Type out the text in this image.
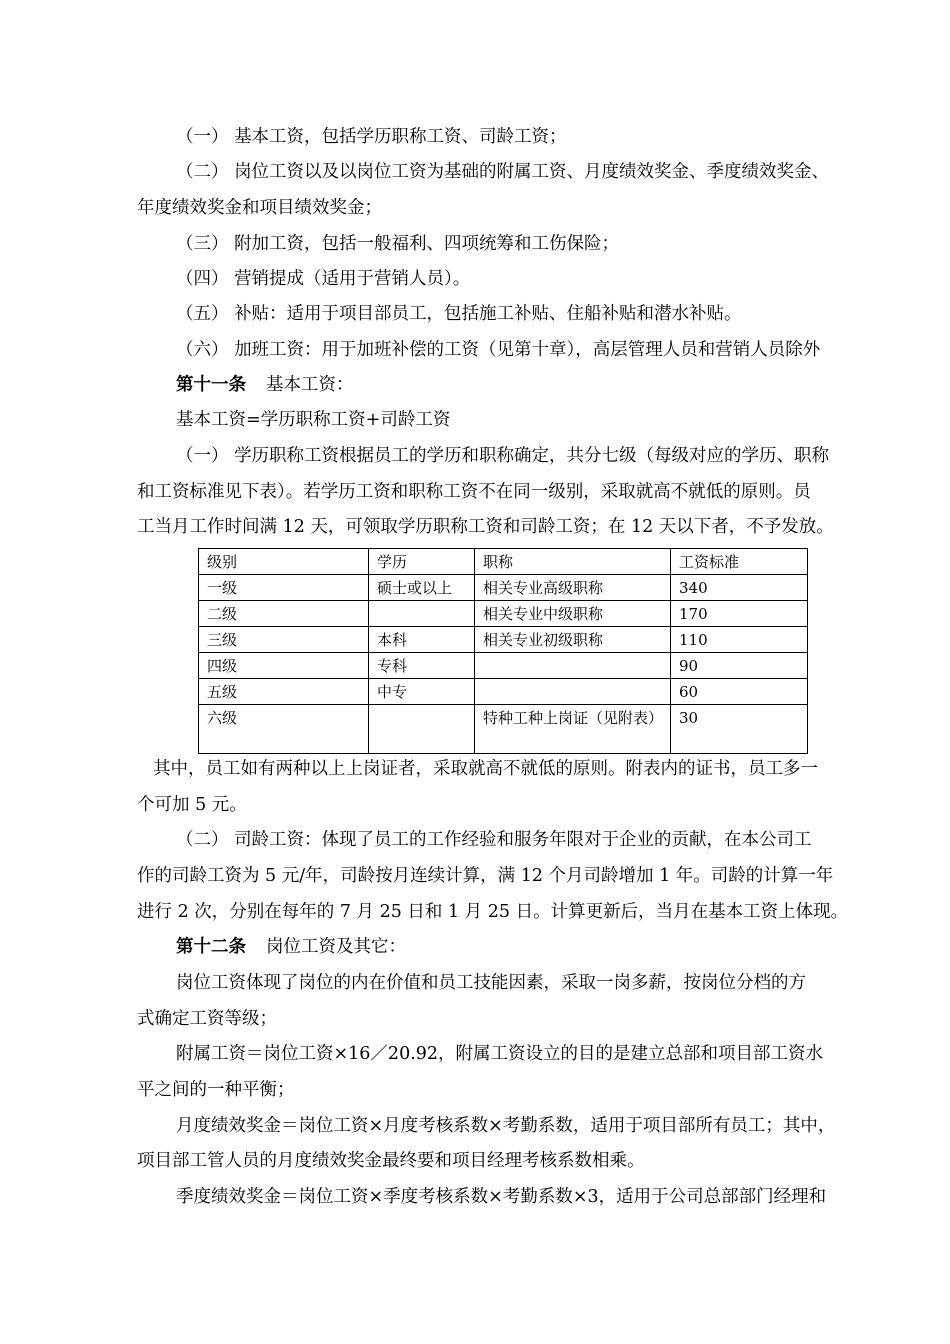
（一） 基本工资，包括学历职称工资、司龄工资；
（二） 岗位工资以及以岗位工资为基础的附属工资、月度绩效奖金、季度绩效奖金、
年度绩效奖金和项目绩效奖金；
（三） 附加工资，包括一般福利、四项统筹和工伤保险；
（四） 营销提成（适用于营销人员）。
（五） 补贴：适用于项目部员工，包括施工补贴、住船补贴和潜水补贴。
（六） 加班工资：用于加班补偿的工资（见第十章），高层管理人员和营销人员除外
第十一条 基本工资：
基本工资=学历职称工资+司龄工资
（一） 学历职称工资根据员工的学历和职称确定，共分七级（每级对应的学历、职称
和工资标准见下表）。若学历工资和职称工资不在同一级别，采取就高不就低的原则。员
工当月工作时间满 12 天，可领取学历职称工资和司龄工资；在 12 天以下者，不予发放。
级别	学历	职称	工资标准
一级	硕士或以上	相关专业高级职称	340
二级		相关专业中级职称	170
三级	本科	相关专业初级职称	110
四级	专科		90
五级	中专		60
六级		特种工种上岗证（见附表）	30
其中，员工如有两种以上上岗证者，采取就高不就低的原则。附表内的证书，员工多一
个可加 5 元。
（二） 司龄工资：体现了员工的工作经验和服务年限对于企业的贡献，在本公司工
作的司龄工资为 5 元/年，司龄按月连续计算，满 12 个月司龄增加 1 年。司龄的计算一年
进行 2 次，分别在每年的 7 月 25 日和 1 月 25 日。计算更新后，当月在基本工资上体现。
第十二条 岗位工资及其它：
岗位工资体现了岗位的内在价值和员工技能因素，采取一岗多薪，按岗位分档的方
式确定工资等级；
附属工资＝岗位工资×16／20.92，附属工资设立的目的是建立总部和项目部工资水
平之间的一种平衡；
月度绩效奖金＝岗位工资×月度考核系数×考勤系数，适用于项目部所有员工；其中，
项目部工管人员的月度绩效奖金最终要和项目经理考核系数相乘。
季度绩效奖金＝岗位工资×季度考核系数×考勤系数×3，适用于公司总部部门经理和
